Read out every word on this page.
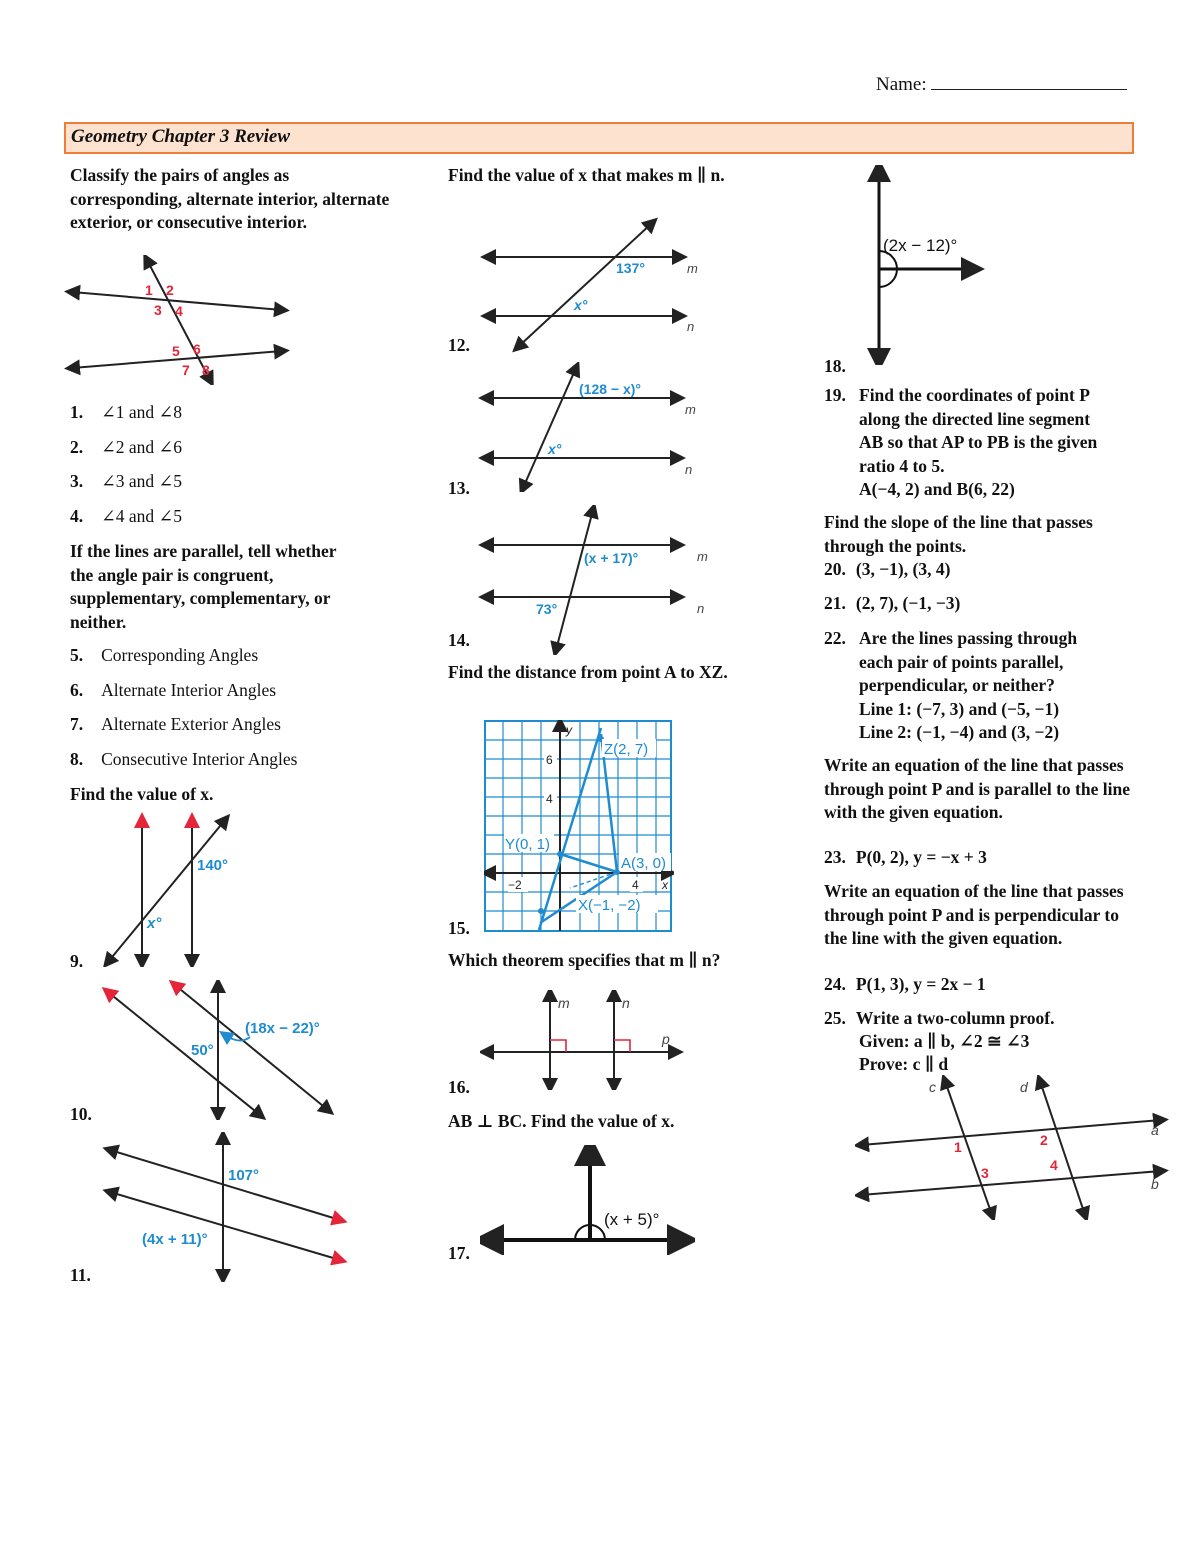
Name:
Geometry Chapter 3 Review
Classify the pairs of angles as corresponding, alternate interior, alternate exterior, or consecutive interior.
1 2
3 4
5 6
7 8
1. ∠1 and ∠8
2. ∠2 and ∠6
3. ∠3 and ∠5
4. ∠4 and ∠5
If the lines are parallel, tell whether the angle pair is congruent, supplementary, complementary, or neither.
5. Corresponding Angles
6. Alternate Interior Angles
7. Alternate Exterior Angles
8. Consecutive Interior Angles
Find the value of x.
140°
x°
9.
(18x − 22)°
50°
10.
107°
(4x + 11)°
11.
Find the value of x that makes m ∥ n.
137°
x°
m
n
12.
(128 − x)°
x°
m
n
13.
(x + 17)°
73°
m
n
14.
Find the distance from point A to XZ.
6
4
−2	4
y
x
Z(2, 7)
Y(0, 1)
A(3, 0)
X(−1, −2)
15.
Which theorem specifies that m ∥ n?
m	n
p
16.
AB ⊥ BC. Find the value of x.
(x + 5)°
17.
(2x − 12)°
18.
19. Find the coordinates of point P
along the directed line segment
AB so that AP to PB is the given
ratio 4 to 5.
A(−4, 2) and B(6, 22)
Find the slope of the line that passes through the points.
20. (3, −1), (3, 4)
21. (2, 7), (−1, −3)
22. Are the lines passing through
each pair of points parallel,
perpendicular, or neither?
Line 1: (−7, 3) and (−5, −1)
Line 2: (−1, −4) and (3, −2)
Write an equation of the line that passes through point P and is parallel to the line with the given equation.
23. P(0, 2), y = −x + 3
Write an equation of the line that passes through point P and is perpendicular to the line with the given equation.
24. P(1, 3), y = 2x − 1
25. Write a two-column proof.
Given: a ∥ b, ∠2 ≅ ∠3
Prove: c ∥ d
c	d
a
b
1	2
3	4
